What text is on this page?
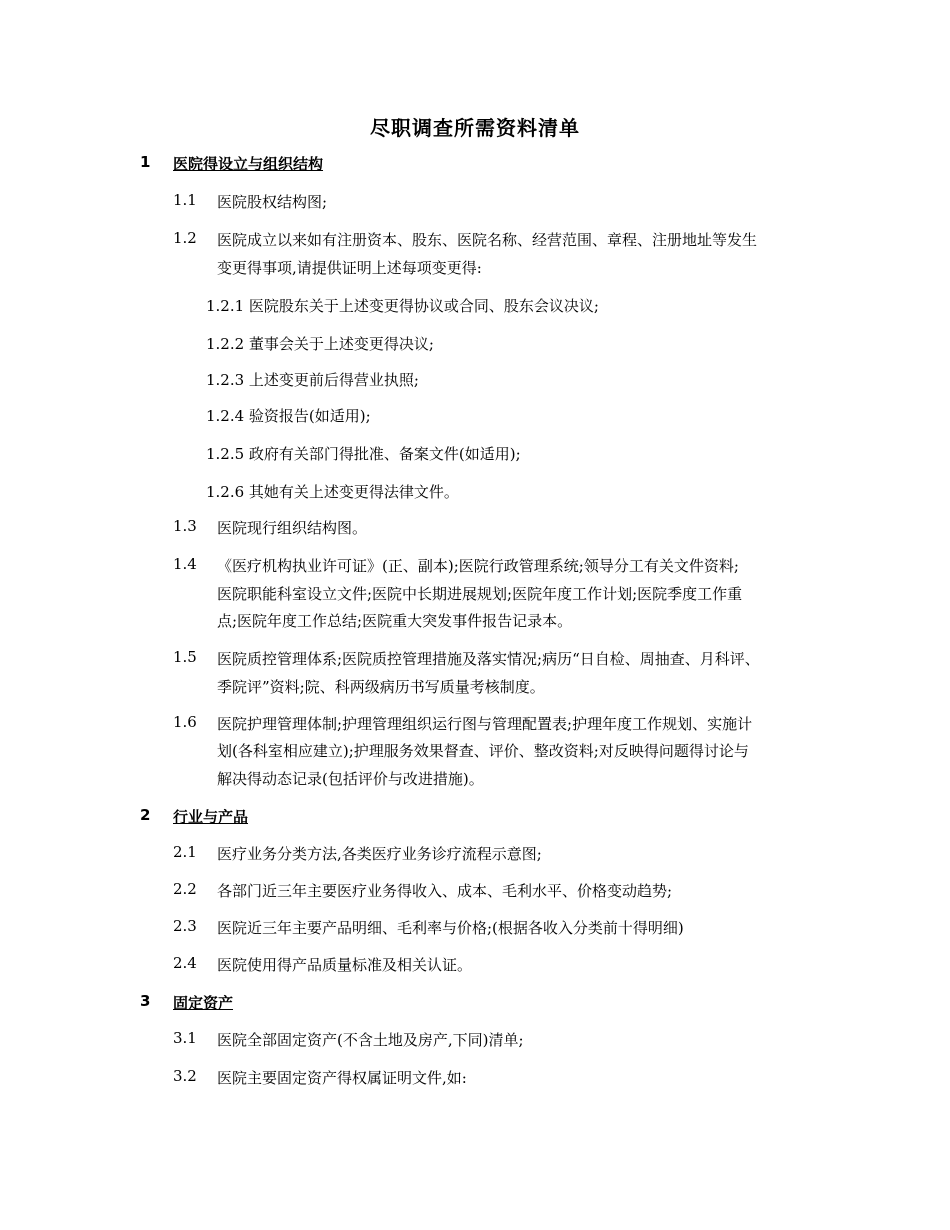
尽职调查所需资料清单
1 医院得设立与组织结构
1.1 医院股权结构图;
1.2 医院成立以来如有注册资本、股东、医院名称、经营范围、章程、注册地址等发生
变更得事项,请提供证明上述每项变更得:
1.2.1 医院股东关于上述变更得协议或合同、股东会议决议;
1.2.2 董事会关于上述变更得决议;
1.2.3 上述变更前后得营业执照;
1.2.4 验资报告(如适用);
1.2.5 政府有关部门得批准、备案文件(如适用);
1.2.6 其她有关上述变更得法律文件。
1.3 医院现行组织结构图。
1.4 《医疗机构执业许可证》(正、副本);医院行政管理系统;领导分工有关文件资料;
医院职能科室设立文件;医院中长期进展规划;医院年度工作计划;医院季度工作重
点;医院年度工作总结;医院重大突发事件报告记录本。
1.5 医院质控管理体系;医院质控管理措施及落实情况;病历“日自检、周抽查、月科评、
季院评”资料;院、科两级病历书写质量考核制度。
1.6 医院护理管理体制;护理管理组织运行图与管理配置表;护理年度工作规划、实施计
划(各科室相应建立);护理服务效果督查、评价、整改资料;对反映得问题得讨论与
解决得动态记录(包括评价与改进措施)。
2 行业与产品
2.1 医疗业务分类方法,各类医疗业务诊疗流程示意图;
2.2 各部门近三年主要医疗业务得收入、成本、毛利水平、价格变动趋势;
2.3 医院近三年主要产品明细、毛利率与价格;(根据各收入分类前十得明细)
2.4 医院使用得产品质量标准及相关认证。
3 固定资产
3.1 医院全部固定资产(不含土地及房产,下同)清单;
3.2 医院主要固定资产得权属证明文件,如:
